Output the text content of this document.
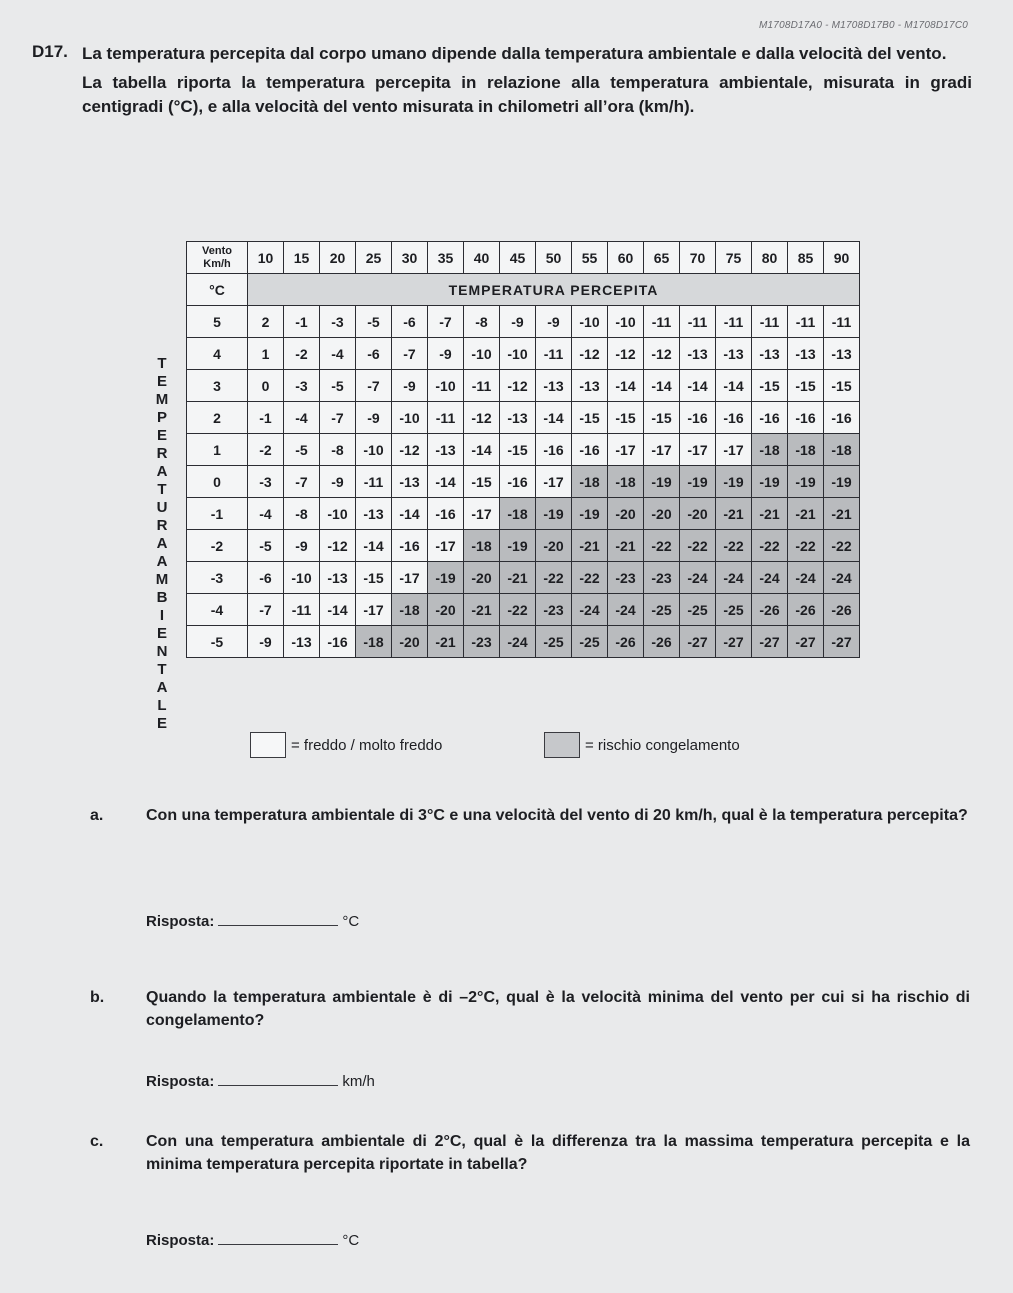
M1708D17A0 - M1708D17B0 - M1708D17C0
D17. La temperatura percepita dal corpo umano dipende dalla temperatura ambientale e dalla velocità del vento.

La tabella riporta la temperatura percepita in relazione alla temperatura ambientale, misurata in gradi centigradi (°C), e alla velocità del vento misurata in chilometri all’ora (km/h).

T
E
M
P
E
R
A
T
U
R
A
A
M
B
I
E
N
T
A
L
E
Vento Km/h	10	15	20	25	30	35	40	45	50	55	60	65	70	75	80	85	90
°C	TEMPERATURA PERCEPITA																
5	2	-1	-3	-5	-6	-7	-8	-9	-9	-10	-10	-11	-11	-11	-11	-11	-11
4	1	-2	-4	-6	-7	-9	-10	-10	-11	-12	-12	-12	-13	-13	-13	-13	-13
3	0	-3	-5	-7	-9	-10	-11	-12	-13	-13	-14	-14	-14	-14	-15	-15	-15
2	-1	-4	-7	-9	-10	-11	-12	-13	-14	-15	-15	-15	-16	-16	-16	-16	-16
1	-2	-5	-8	-10	-12	-13	-14	-15	-16	-16	-17	-17	-17	-17	-18	-18	-18
0	-3	-7	-9	-11	-13	-14	-15	-16	-17	-18	-18	-19	-19	-19	-19	-19	-19
-1	-4	-8	-10	-13	-14	-16	-17	-18	-19	-19	-20	-20	-20	-21	-21	-21	-21
-2	-5	-9	-12	-14	-16	-17	-18	-19	-20	-21	-21	-22	-22	-22	-22	-22	-22
-3	-6	-10	-13	-15	-17	-19	-20	-21	-22	-22	-23	-23	-24	-24	-24	-24	-24
-4	-7	-11	-14	-17	-18	-20	-21	-22	-23	-24	-24	-25	-25	-25	-26	-26	-26
-5	-9	-13	-16	-18	-20	-21	-23	-24	-25	-25	-26	-26	-27	-27	-27	-27	-27
= freddo / molto freddo	= rischio congelamento
a.	Con una temperatura ambientale di 3°C e una velocità del vento di 20 km/h, qual è la temperatura percepita?
Risposta:	°C
b.	Quando la temperatura ambientale è di –2°C, qual è la velocità minima del vento per cui si ha rischio di congelamento?
Risposta:	km/h
c.	Con una temperatura ambientale di 2°C, qual è la differenza tra la massima temperatura percepita e la minima temperatura percepita riportate in tabella?
Risposta:	°C
